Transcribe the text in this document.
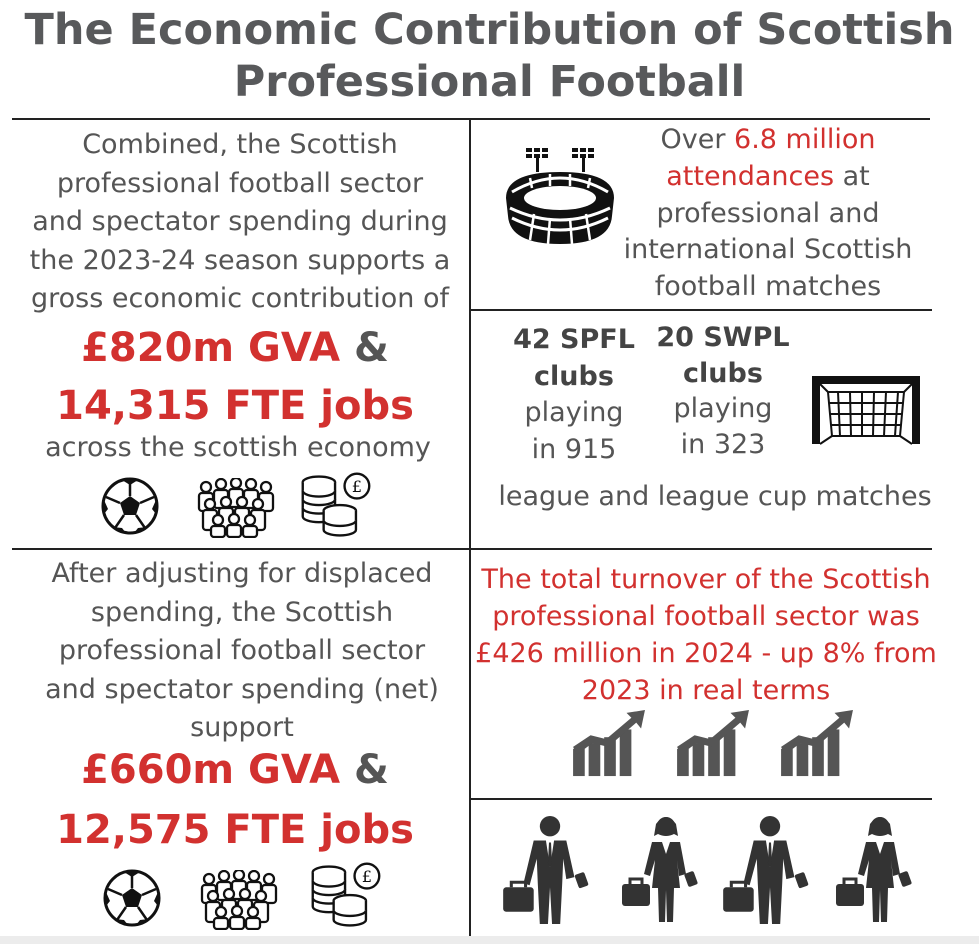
The Economic Contribution of Scottish
Professional Football
Combined, the Scottish
professional football sector
and spectator spending during
the 2023-24 season supports a
gross economic contribution of
£820m GVA &
14,315 FTE jobs
across the scottish economy
Over 6.8 million
attendances at
professional and
international Scottish
football matches
42 SPFL
clubs
playing
in 915
20 SWPL
clubs
playing
in 323
league and league cup matches
After adjusting for displaced
spending, the Scottish
professional football sector
and spectator spending (net)
support
£660m GVA &
12,575 FTE jobs
The total turnover of the Scottish
professional football sector was
£426 million in 2024 - up 8% from
2023 in real terms
